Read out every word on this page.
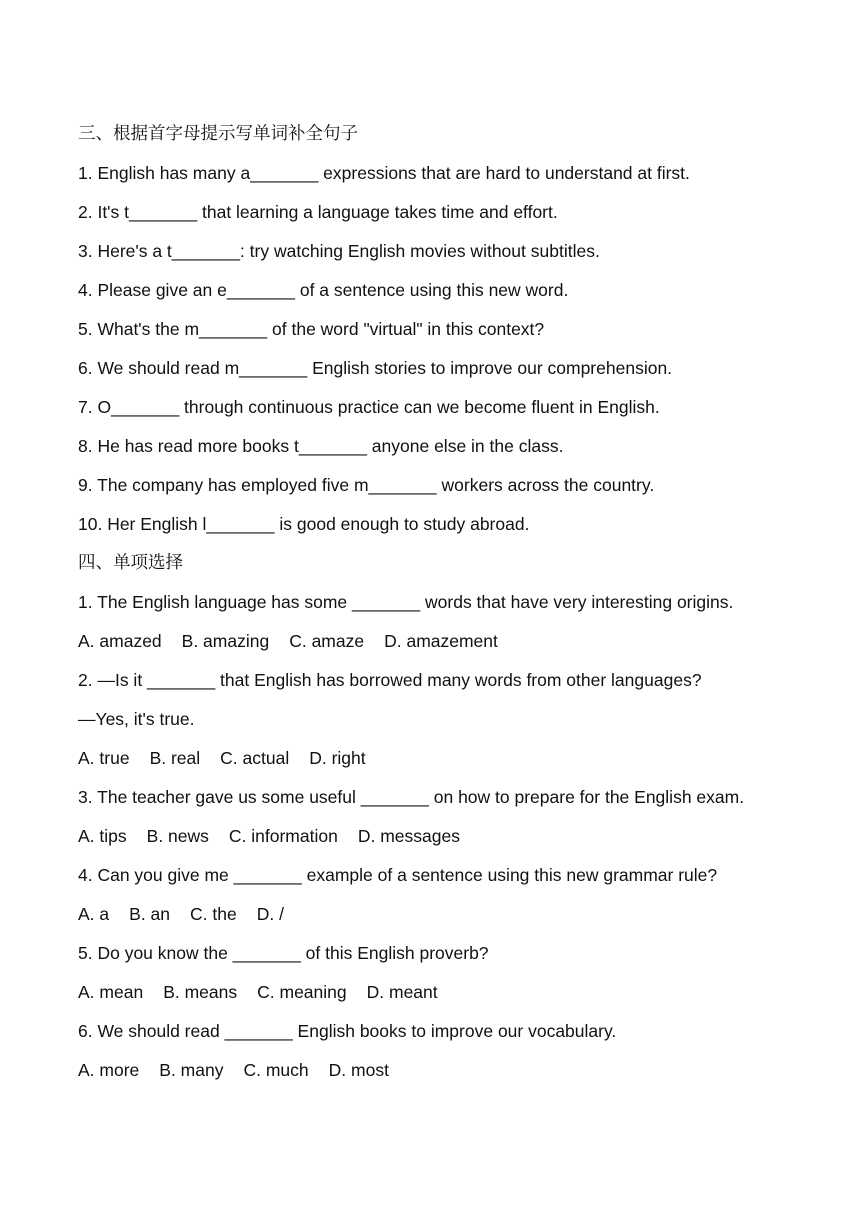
三、根据首字母提示写单词补全句子
1. English has many a_______ expressions that are hard to understand at first.
2. It's t_______ that learning a language takes time and effort.
3. Here's a t_______: try watching English movies without subtitles.
4. Please give an e_______ of a sentence using this new word.
5. What's the m_______ of the word "virtual" in this context?
6. We should read m_______ English stories to improve our comprehension.
7. O_______ through continuous practice can we become fluent in English.
8. He has read more books t_______ anyone else in the class.
9. The company has employed five m_______ workers across the country.
10. Her English l_______ is good enough to study abroad.
四、单项选择
1. The English language has some _______ words that have very interesting origins.
A. amazed B. amazing C. amaze D. amazement
2. —Is it _______ that English has borrowed many words from other languages?
—Yes, it's true.
A. true B. real C. actual D. right
3. The teacher gave us some useful _______ on how to prepare for the English exam.
A. tips B. news C. information D. messages
4. Can you give me _______ example of a sentence using this new grammar rule?
A. a B. an C. the D. /
5. Do you know the _______ of this English proverb?
A. mean B. means C. meaning D. meant
6. We should read _______ English books to improve our vocabulary.
A. more B. many C. much D. most
